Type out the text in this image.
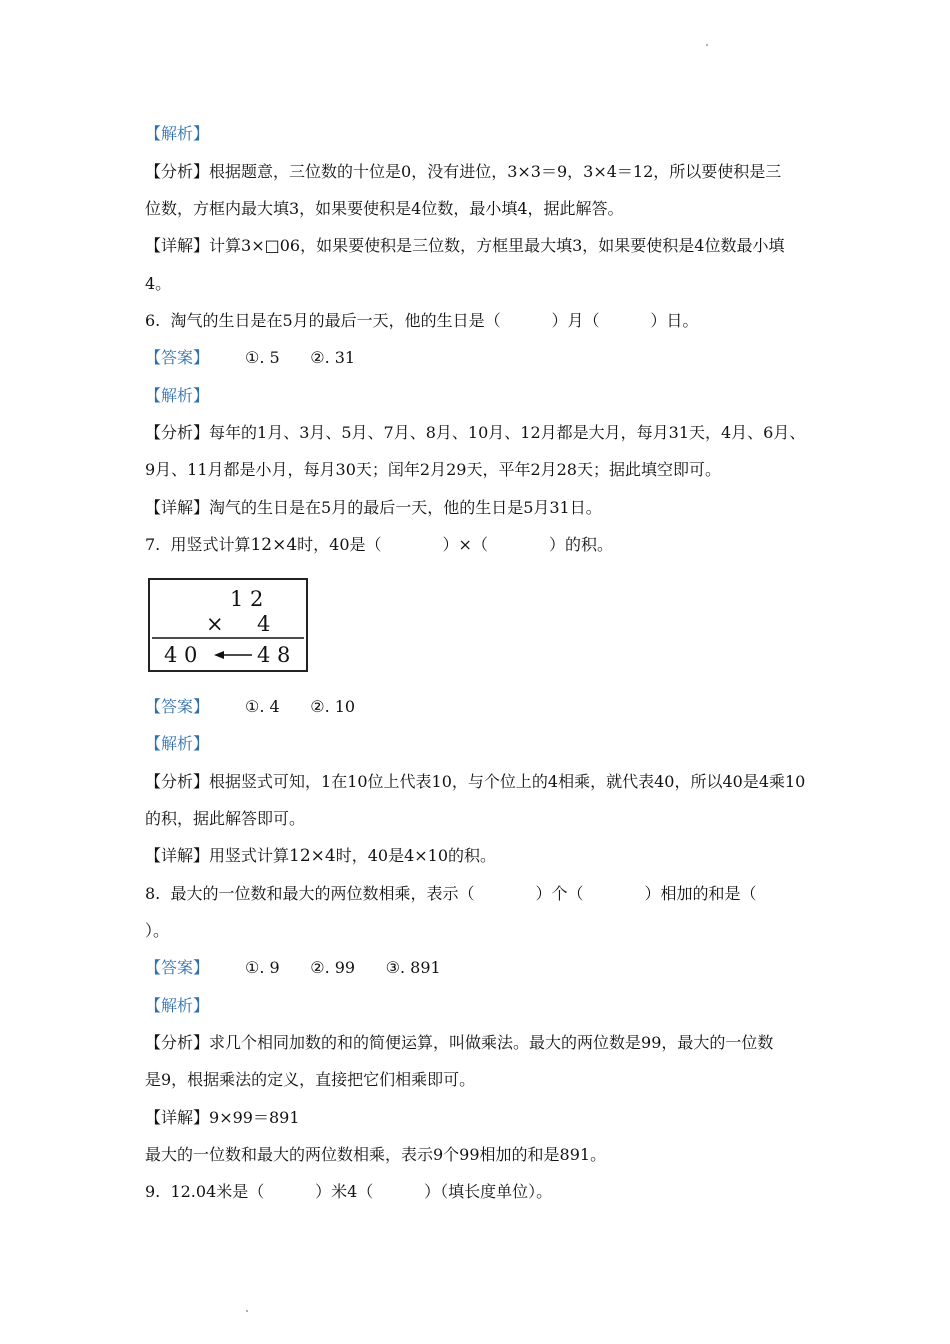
【解析】
【分析】根据题意，三位数的十位是0，没有进位，3×3＝9，3×4＝12，所以要使积是三
位数，方框内最大填3，如果要使积是4位数，最小填4，据此解答。
【详解】计算3×□06，如果要使积是三位数，方框里最大填3，如果要使积是4位数最小填
4。
6.  淘气的生日是在5月的最后一天，他的生日是（          ）月（          ）日。
【答案】 ①. 5      ②. 31
【解析】
【分析】每年的1月、3月、5月、7月、8月、10月、12月都是大月，每月31天，4月、6月、
9月、11月都是小月，每月30天；闰年2月29天，平年2月28天；据此填空即可。
【详解】淘气的生日是在5月的最后一天，他的生日是5月31日。
7.  用竖式计算12×4时，40是（            ）×（            ）的积。
1 2
× 4
4 0	4 8
【答案】 ①. 4      ②. 10
【解析】
【分析】根据竖式可知，1在10位上代表10，与个位上的4相乘，就代表40，所以40是4乘10
的积，据此解答即可。
【详解】用竖式计算12×4时，40是4×10的积。
8.  最大的一位数和最大的两位数相乘，表示（            ）个（            ）相加的和是（
）。
【答案】 ①. 9      ②. 99      ③. 891
【解析】
【分析】求几个相同加数的和的简便运算，叫做乘法。最大的两位数是99，最大的一位数
是9，根据乘法的定义，直接把它们相乘即可。
【详解】9×99＝891
最大的一位数和最大的两位数相乘，表示9个99相加的和是891。
9.  12.04米是（          ）米4（          ）（填长度单位）。
